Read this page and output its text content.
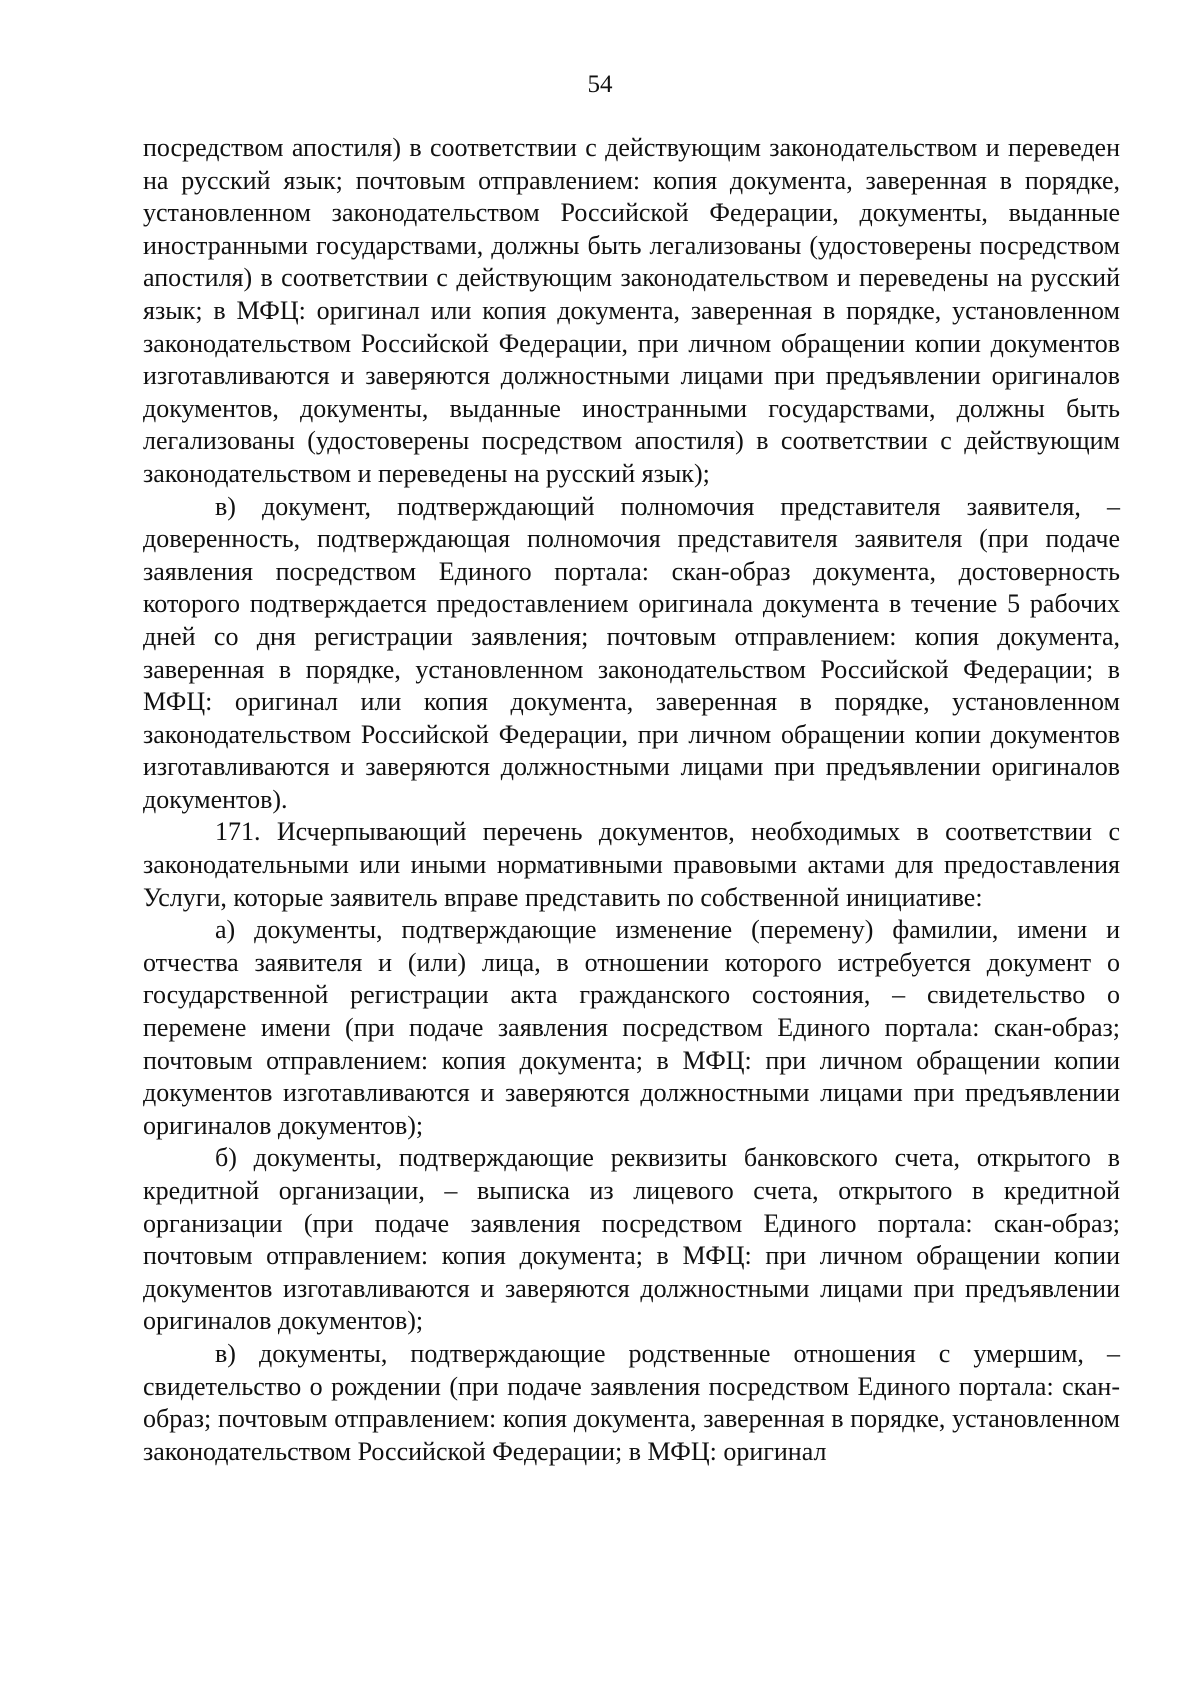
54

посредством апостиля) в соответствии с действующим законодательством и переведен на русский язык; почтовым отправлением: копия документа, заверенная в порядке, установленном законодательством Российской Федерации, документы, выданные иностранными государствами, должны быть легализованы (удостоверены посредством апостиля) в соответствии с действующим законодательством и переведены на русский язык; в МФЦ: оригинал или копия документа, заверенная в порядке, установленном законодательством Российской Федерации, при личном обращении копии документов изготавливаются и заверяются должностными лицами при предъявлении оригиналов документов, документы, выданные иностранными государствами, должны быть легализованы (удостоверены посредством апостиля) в соответствии с действующим законодательством и переведены на русский язык);

в) документ, подтверждающий полномочия представителя заявителя, – доверенность, подтверждающая полномочия представителя заявителя (при подаче заявления посредством Единого портала: скан-образ документа, достоверность которого подтверждается предоставлением оригинала документа в течение 5 рабочих дней со дня регистрации заявления; почтовым отправлением: копия документа, заверенная в порядке, установленном законодательством Российской Федерации; в МФЦ: оригинал или копия документа, заверенная в порядке, установленном законодательством Российской Федерации, при личном обращении копии документов изготавливаются и заверяются должностными лицами при предъявлении оригиналов документов).

171. Исчерпывающий перечень документов, необходимых в соответствии с законодательными или иными нормативными правовыми актами для предоставления Услуги, которые заявитель вправе представить по собственной инициативе:

а) документы, подтверждающие изменение (перемену) фамилии, имени и отчества заявителя и (или) лица, в отношении которого истребуется документ о государственной регистрации акта гражданского состояния, – свидетельство о перемене имени (при подаче заявления посредством Единого портала: скан-образ; почтовым отправлением: копия документа; в МФЦ: при личном обращении копии документов изготавливаются и заверяются должностными лицами при предъявлении оригиналов документов);

б) документы, подтверждающие реквизиты банковского счета, открытого в кредитной организации, – выписка из лицевого счета, открытого в кредитной организации (при подаче заявления посредством Единого портала: скан-образ; почтовым отправлением: копия документа; в МФЦ: при личном обращении копии документов изготавливаются и заверяются должностными лицами при предъявлении оригиналов документов);

в) документы, подтверждающие родственные отношения с умершим, – свидетельство о рождении (при подаче заявления посредством Единого портала: скан-образ; почтовым отправлением: копия документа, заверенная в порядке, установленном законодательством Российской Федерации; в МФЦ: оригинал
